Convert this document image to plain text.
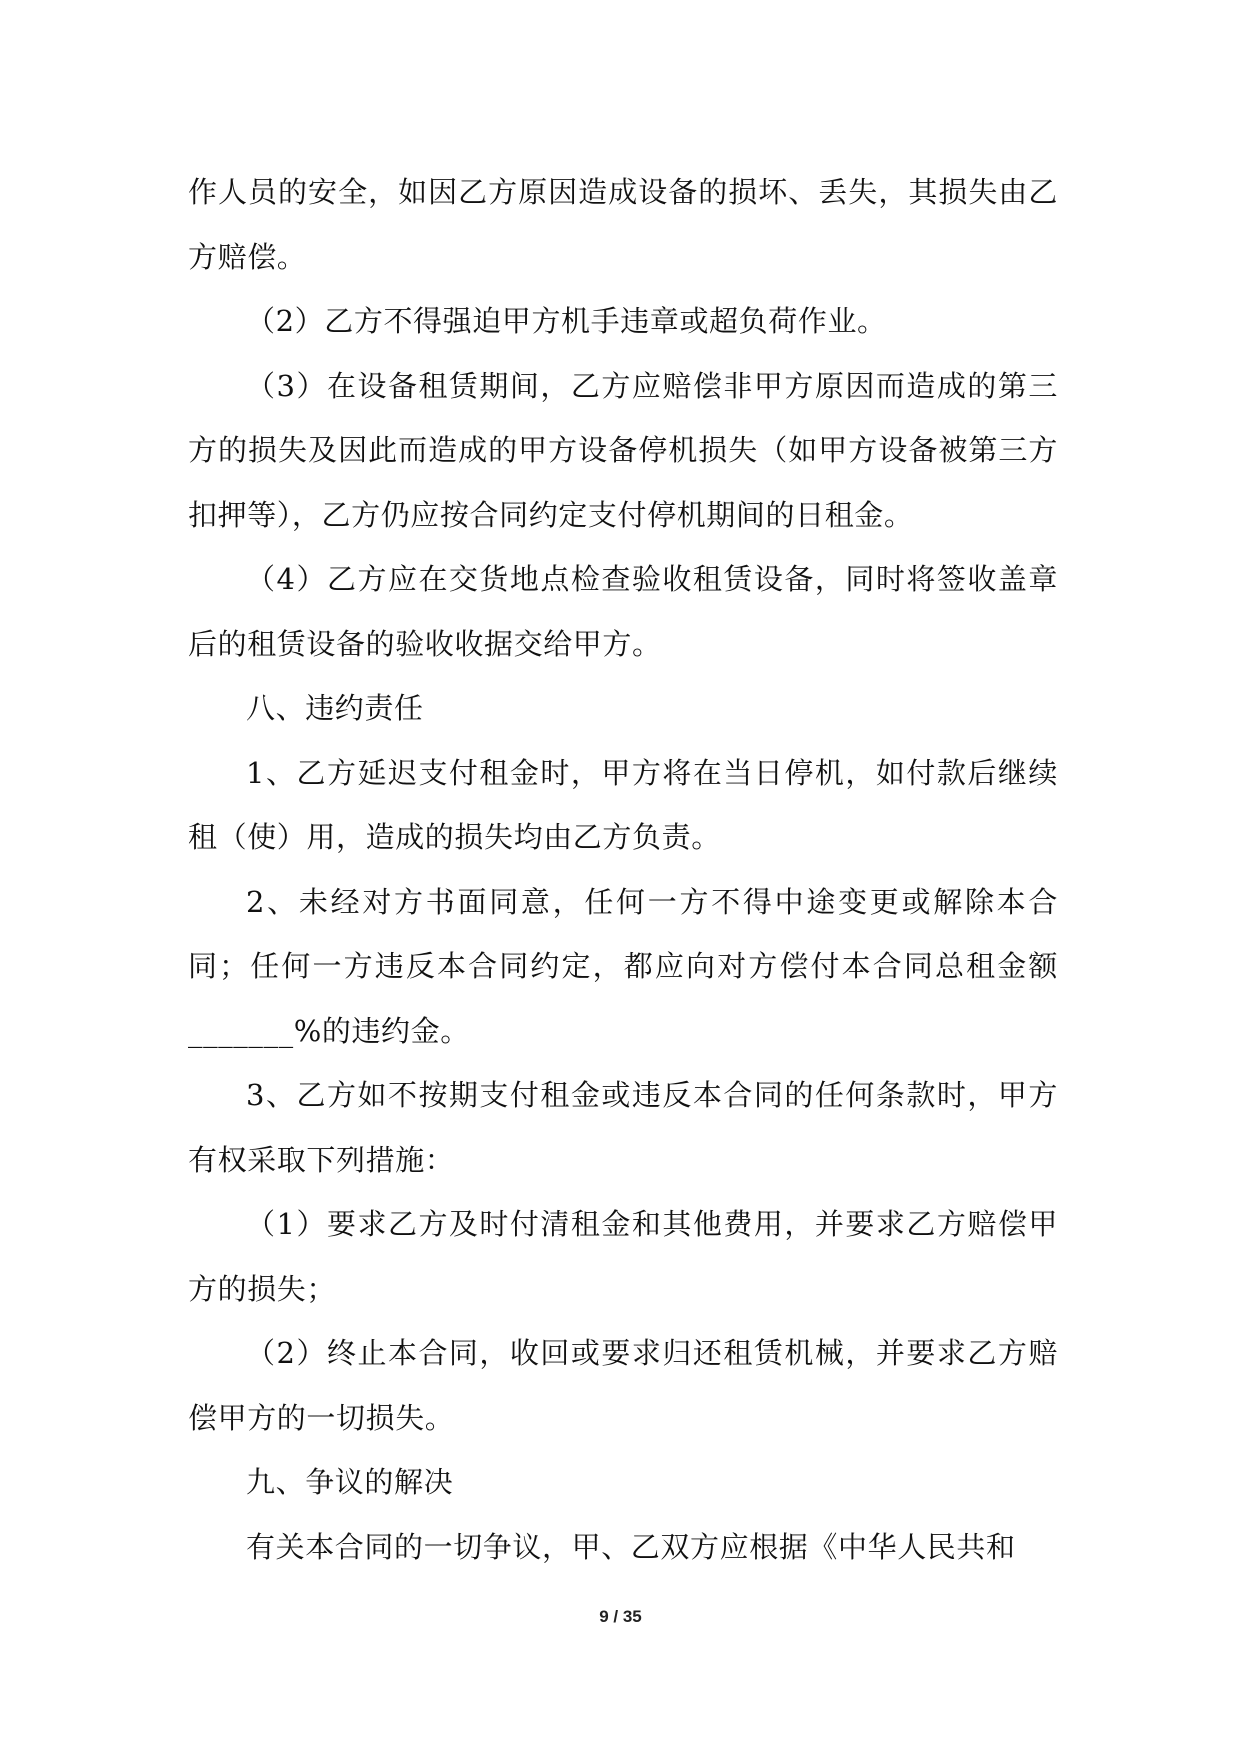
作人员的安全，如因乙方原因造成设备的损坏、丢失，其损失由乙方赔偿。

（2）乙方不得强迫甲方机手违章或超负荷作业。

（3）在设备租赁期间，乙方应赔偿非甲方原因而造成的第三方的损失及因此而造成的甲方设备停机损失（如甲方设备被第三方扣押等），乙方仍应按合同约定支付停机期间的日租金。

（4）乙方应在交货地点检查验收租赁设备，同时将签收盖章后的租赁设备的验收收据交给甲方。

八、违约责任

1、乙方延迟支付租金时，甲方将在当日停机，如付款后继续租（使）用，造成的损失均由乙方负责。

2、未经对方书面同意，任何一方不得中途变更或解除本合同；任何一方违反本合同约定，都应向对方偿付本合同总租金额_______%的违约金。

3、乙方如不按期支付租金或违反本合同的任何条款时，甲方有权采取下列措施：

（1）要求乙方及时付清租金和其他费用，并要求乙方赔偿甲方的损失；

（2）终止本合同，收回或要求归还租赁机械，并要求乙方赔偿甲方的一切损失。

九、争议的解决

有关本合同的一切争议，甲、乙双方应根据《中华人民共和

9 / 35
